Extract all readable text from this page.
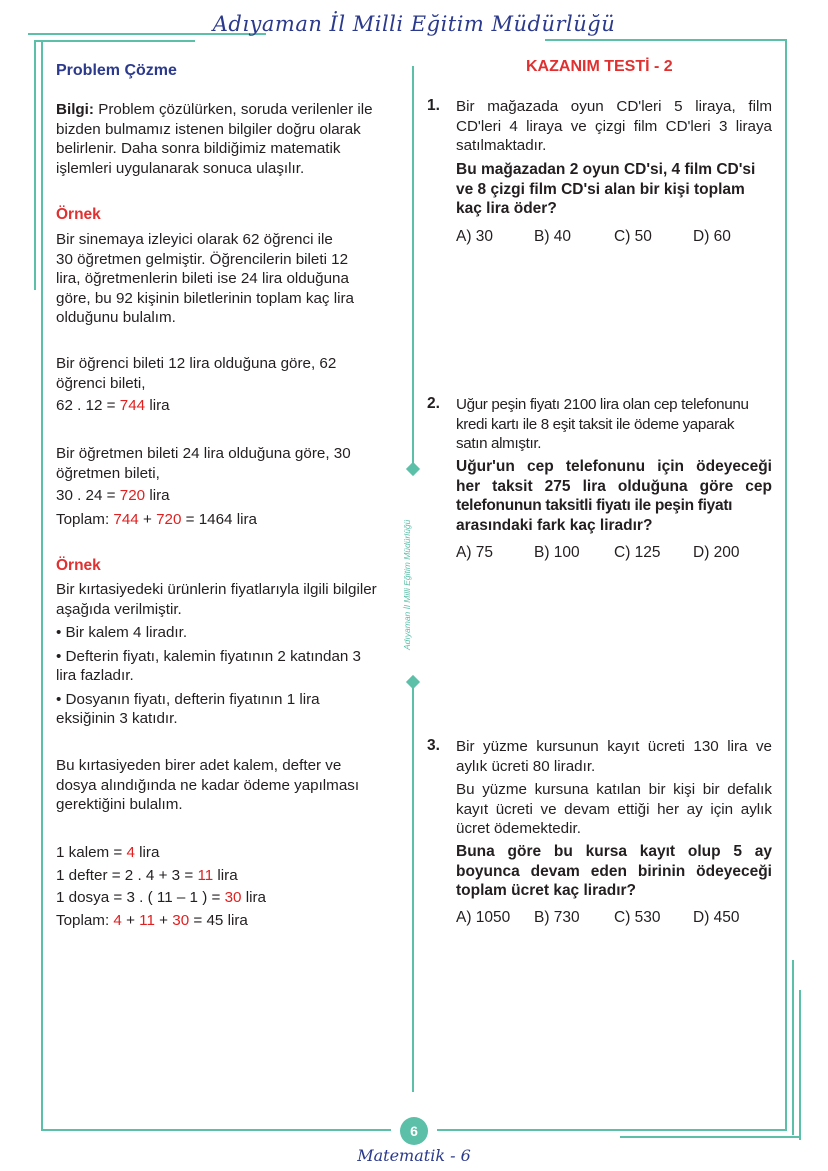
Adıyaman İl Milli Eğitim Müdürlüğü
Adıyaman İl Milli Eğitim Müdürlüğü
6
Matematik - 6
Problem Çözme
Bilgi: Problem çözülürken, soruda verilenler ile
bizden bulmamız istenen bilgiler doğru olarak
belirlenir. Daha sonra bildiğimiz matematik
işlemleri uygulanarak sonuca ulaşılır.
Örnek
Bir sinemaya izleyici olarak 62 öğrenci ile
30 öğretmen gelmiştir. Öğrencilerin bileti 12
lira, öğretmenlerin bileti ise 24 lira olduğuna
göre, bu 92 kişinin biletlerinin toplam kaç lira
olduğunu bulalım.
Bir öğrenci bileti 12 lira olduğuna göre, 62
öğrenci bileti,
62 . 12 = 744 lira
Bir öğretmen bileti 24 lira olduğuna göre, 30
öğretmen bileti,
30 . 24 = 720 lira
Toplam: 744 + 720 = 1464 lira
Örnek
Bir kırtasiyedeki ürünlerin fiyatlarıyla ilgili bilgiler
aşağıda verilmiştir.
• Bir kalem 4 liradır.
• Defterin fiyatı, kalemin fiyatının 2 katından 3
lira fazladır.
• Dosyanın fiyatı, defterin fiyatının 1 lira
eksiğinin 3 katıdır.
Bu kırtasiyeden birer adet kalem, defter ve
dosya alındığında ne kadar ödeme yapılması
gerektiğini bulalım.
1 kalem = 4 lira
1 defter = 2 . 4 + 3 = 11 lira
1 dosya = 3 . ( 11 – 1 ) = 30 lira
Toplam: 4 + 11 + 30 = 45 lira
KAZANIM TESTİ - 2
1. Bir mağazada oyun CD'leri 5 liraya, film
CD'leri 4 liraya ve çizgi film CD'leri 3 liraya
satılmaktadır.
Bu mağazadan 2 oyun CD'si, 4 film CD'si
ve 8 çizgi film CD'si alan bir kişi toplam
kaç lira öder?
A) 30	B) 40	C) 50	D) 60
2. Uğur peşin fiyatı 2100 lira olan cep telefonunu
kredi kartı ile 8 eşit taksit ile ödeme yaparak
satın almıştır.
Uğur'un cep telefonunu için ödeyeceği
her taksit 275 lira olduğuna göre cep
telefonunun taksitli fiyatı ile peşin fiyatı
arasındaki fark kaç liradır?
A) 75	B) 100 C) 125 D) 200
3. Bir yüzme kursunun kayıt ücreti 130 lira ve
aylık ücreti 80 liradır.
Bu yüzme kursuna katılan bir kişi bir defalık
kayıt ücreti ve devam ettiği her ay için aylık
ücret ödemektedir.
Buna göre bu kursa kayıt olup 5 ay
boyunca devam eden birinin ödeyeceği
toplam ücret kaç liradır?
A) 1050 B) 730 C) 530 D) 450
